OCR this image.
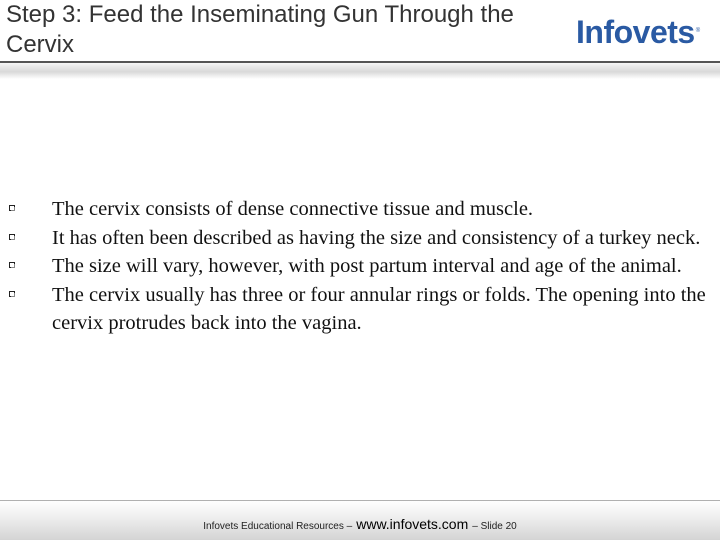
Step 3: Feed the Inseminating Gun Through the Cervix	Infovets ®
The cervix consists of dense connective tissue and muscle.
It has often been described as having the size and consistency of a turkey neck.
The size will vary, however, with post partum interval and age of the animal.
The cervix usually has three or four annular rings or folds. The opening into the cervix protrudes back into the vagina.
Infovets Educational Resources – www.infovets.com – Slide 20
